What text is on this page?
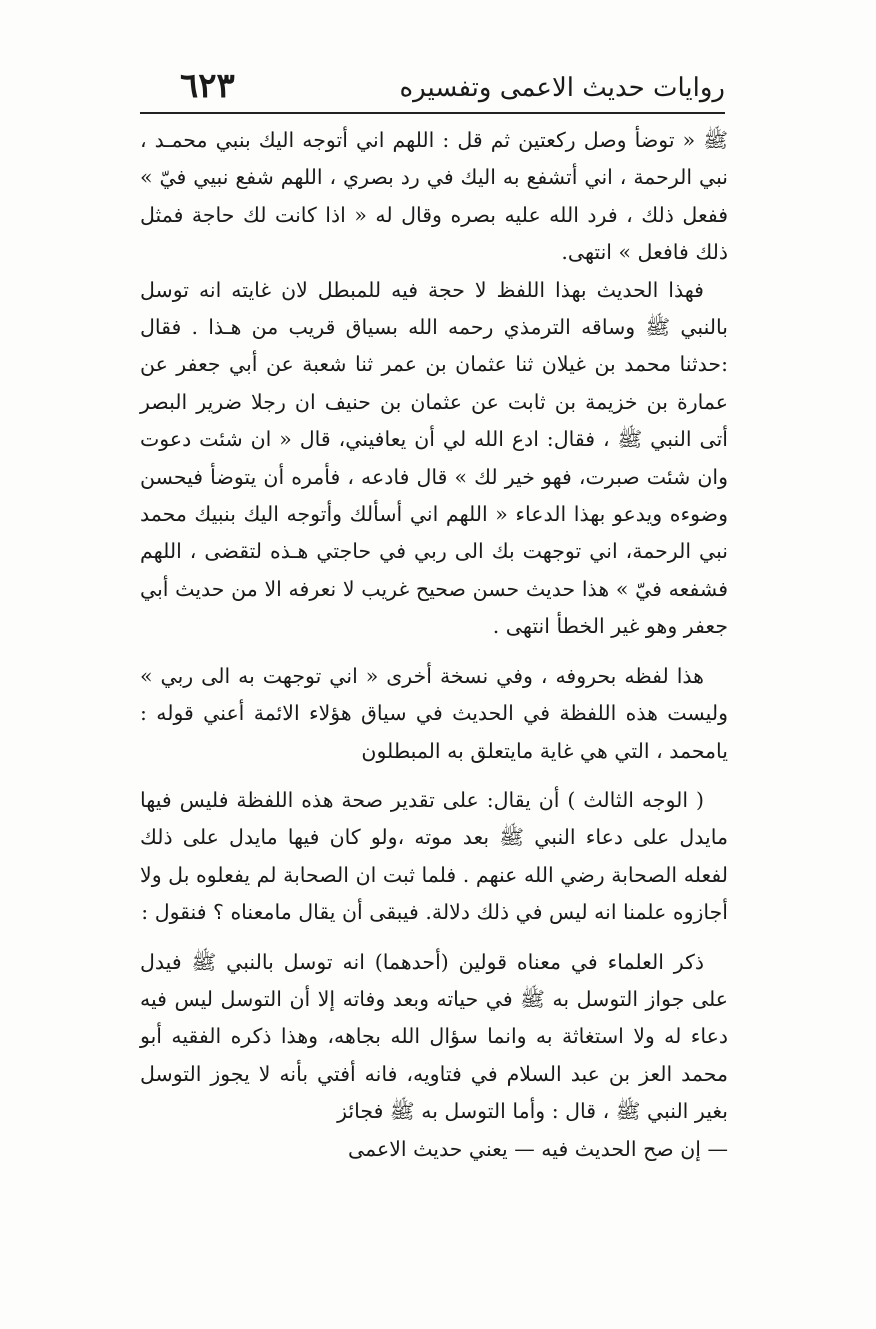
روايات حديث الاعمى وتفسيره
٦٢٣

ﷺ « توضأ وصل ركعتين ثم قل : اللهم اني أتوجه اليك بنبي محمـد ، نبي الرحمة ، اني أتشفع به اليك في رد بصري ، اللهم شفع نبيي فيّ » ففعل ذلك ، فرد الله عليه بصره وقال له « اذا كانت لك حاجة فمثل ذلك فافعل » انتهى.

فهذا الحديث بهذا اللفظ لا حجة فيه للمبطل لان غايته انه توسل بالنبي ﷺ وساقه الترمذي رحمه الله بسياق قريب من هـذا . فقال :حدثنا محمد بن غيلان ثنا عثمان بن عمر ثنا شعبة عن أبي جعفر عن عمارة بن خزيمة بن ثابت عن عثمان بن حنيف ان رجلا ضرير البصر أتى النبي ﷺ ، فقال: ادع الله لي أن يعافيني، قال « ان شئت دعوت وان شئت صبرت، فهو خير لك » قال فادعه ، فأمره أن يتوضأ فيحسن وضوءه ويدعو بهذا الدعاء « اللهم اني أسألك وأتوجه اليك بنبيك محمد نبي الرحمة، اني توجهت بك الى ربي في حاجتي هـذه لتقضى ، اللهم فشفعه فيّ » هذا حديث حسن صحيح غريب لا نعرفه الا من حديث أبي جعفر وهو غير الخطأ انتهى .

هذا لفظه بحروفه ، وفي نسخة أخرى « اني توجهت به الى ربي » وليست هذه اللفظة في الحديث في سياق هؤلاء الائمة أعني قوله : يامحمد ، التي هي غاية مايتعلق به المبطلون

( الوجه الثالث ) أن يقال: على تقدير صحة هذه اللفظة فليس فيها مايدل على دعاء النبي ﷺ بعد موته ،ولو كان فيها مايدل على ذلك لفعله الصحابة رضي الله عنهم . فلما ثبت ان الصحابة لم يفعلوه بل ولا أجازوه علمنا انه ليس في ذلك دلالة. فيبقى أن يقال مامعناه ؟ فنقول :

ذكر العلماء في معناه قولين (أحدهما) انه توسل بالنبي ﷺ فيدل على جواز التوسل به ﷺ في حياته وبعد وفاته إلا أن التوسل ليس فيه دعاء له ولا استغاثة به وانما سؤال الله بجاهه، وهذا ذكره الفقيه أبو محمد العز بن عبد السلام في فتاويه، فانه أفتي بأنه لا يجوز التوسل بغير النبي ﷺ ، قال : وأما التوسل به ﷺ فجائز

— إن صح الحديث فيه — يعني حديث الاعمى
